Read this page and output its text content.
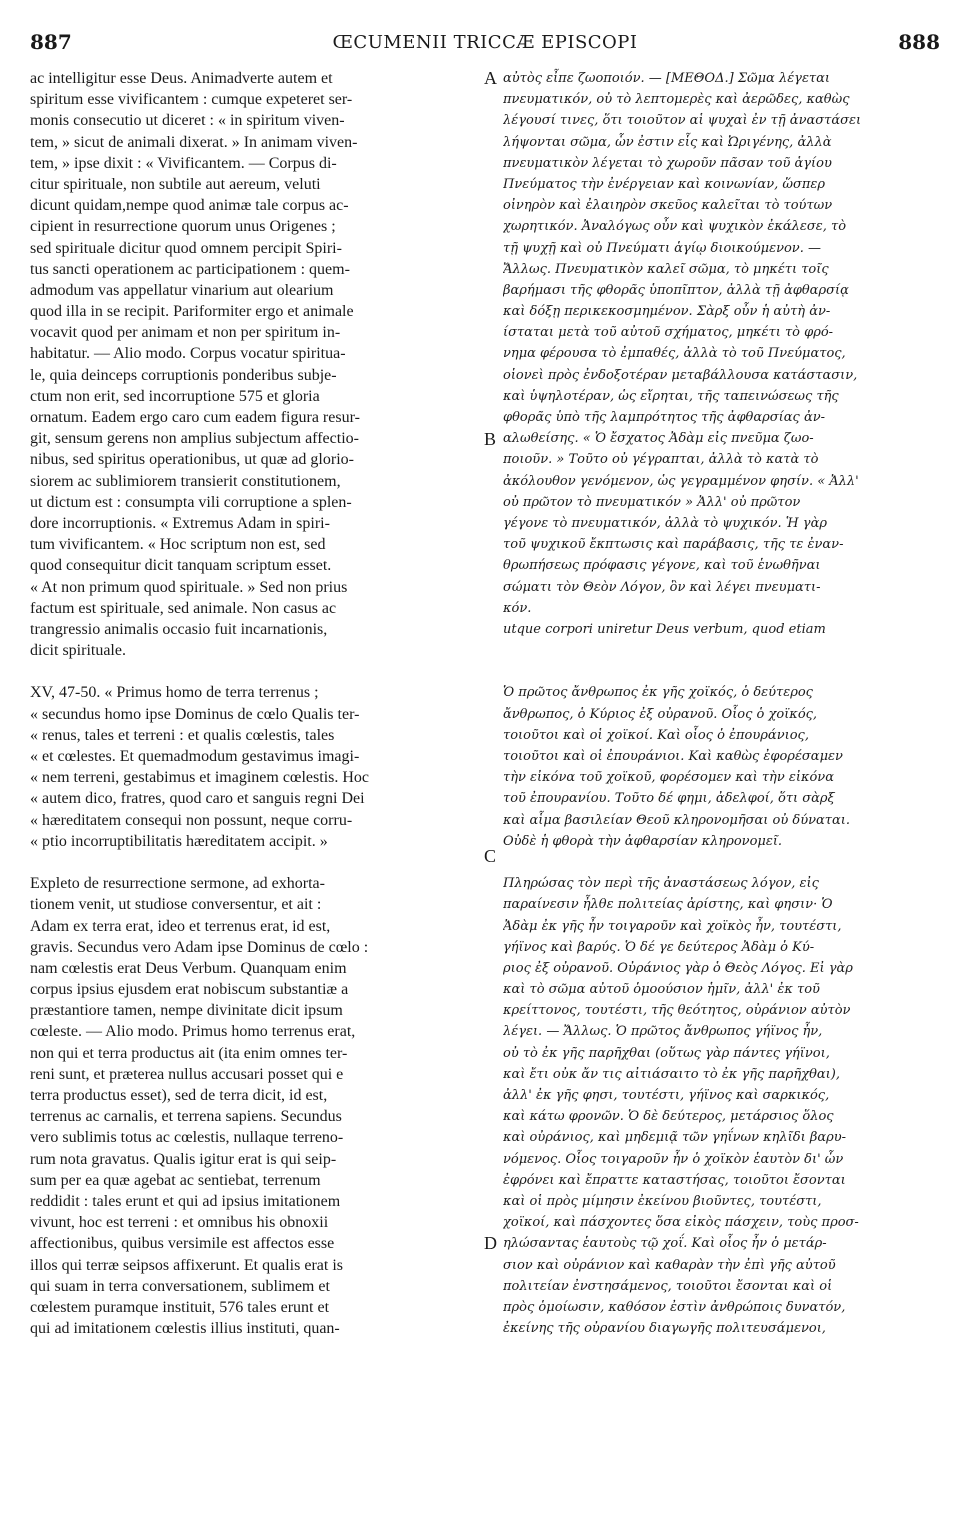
887	ŒCUMENII TRICCÆ EPISCOPI	888
ac intelligitur esse Deus. Animadverte autem et
spiritum esse vivificantem : cumque expeteret ser-
monis consecutio ut diceret : « in spiritum viven-
tem, » sicut de animali dixerat. » In animam viven-
tem, » ipse dixit : « Vivificantem. — Corpus di-
citur spirituale, non subtile aut aereum, veluti
dicunt quidam,nempe quod animæ tale corpus ac-
cipient in resurrectione quorum unus Origenes ;
sed spirituale dicitur quod omnem percipit Spiri-
tus sancti operationem ac participationem : quem-
admodum vas appellatur vinarium aut olearium
quod illa in se recipit. Pariformiter ergo et animale
vocavit quod per animam et non per spiritum in-
habitatur. — Alio modo. Corpus vocatur spiritua-
le, quia deinceps corruptionis ponderibus subje-
ctum non erit, sed incorruptione 575 et gloria
ornatum. Eadem ergo caro cum eadem figura resur-
git, sensum gerens non amplius subjectum affectio-
nibus, sed spiritus operationibus, ut quæ ad glorio-
siorem ac sublimiorem transierit constitutionem,
ut dictum est : consumpta vili corruptione a splen-
dore incorruptionis. « Extremus Adam in spiri-
tum vivificantem. « Hoc scriptum non est, sed
quod consequitur dicit tanquam scriptum esset.
« At non primum quod spirituale. » Sed non prius
factum est spirituale, sed animale. Non casus ac
trangressio animalis occasio fuit incarnationis,
dicit spirituale.
XV, 47-50. « Primus homo de terra terrenus ;
« secundus homo ipse Dominus de cœlo Qualis ter-
« renus, tales et terreni : et qualis cœlestis, tales
« et cœlestes. Et quemadmodum gestavimus imagi-
« nem terreni, gestabimus et imaginem cœlestis. Hoc
« autem dico, fratres, quod caro et sanguis regni Dei
« hæreditatem consequi non possunt, neque corru-
« ptio incorruptibilitatis hæreditatem accipit. »
Expleto de resurrectione sermone, ad exhorta-
tionem venit, ut studiose conversentur, et ait :
Adam ex terra erat, ideo et terrenus erat, id est,
gravis. Secundus vero Adam ipse Dominus de cœlo :
nam cœlestis erat Deus Verbum. Quanquam enim
corpus ipsius ejusdem erat nobiscum substantiæ a
præstantiore tamen, nempe divinitate dicit ipsum
cœleste. — Alio modo. Primus homo terrenus erat,
non qui et terra productus ait (ita enim omnes ter-
reni sunt, et præterea nullus accusari posset qui e
terra productus esset), sed de terra dicit, id est,
terrenus ac carnalis, et terrena sapiens. Secundus
vero sublimis totus ac cœlestis, nullaque terreno-
rum nota gravatus. Qualis igitur erat is qui seip-
sum per ea quæ agebat ac sentiebat, terrenum
reddidit : tales erunt et qui ad ipsius imitationem
vivunt, hoc est terreni : et omnibus his obnoxii
affectionibus, quibus versimile est affectos esse
illos qui terræ seipsos affixerunt. Et qualis erat is
qui suam in terra conversationem, sublimem et
cœlestem puramque instituit, 576 tales erunt et
qui ad imitationem cœlestis illius instituti, quan-
αὐτὸς εἶπε ζωοποιόν. — [ΜΕΘΟΔ.] Σῶμα λέγεται
πνευματικόν, οὐ τὸ λεπτομερὲς καὶ ἀερῶδες, καθὼς
λέγουσί τινες, ὅτι τοιοῦτον αἱ ψυχαὶ ἐν τῇ ἀναστάσει
λήψονται σῶμα, ὧν ἐστιν εἷς καὶ Ὠριγένης, ἀλλὰ
πνευματικὸν λέγεται τὸ χωροῦν πᾶσαν τοῦ ἁγίου
Πνεύματος τὴν ἐνέργειαν καὶ κοινωνίαν, ὥσπερ
οἰνηρὸν καὶ ἐλαιηρὸν σκεῦος καλεῖται τὸ τούτων
χωρητικόν. Ἀναλόγως οὖν καὶ ψυχικὸν ἐκάλεσε, τὸ
τῇ ψυχῇ καὶ οὐ Πνεύματι ἁγίῳ διοικούμενον. —
Ἄλλως. Πνευματικὸν καλεῖ σῶμα, τὸ μηκέτι τοῖς
βαρήμασι τῆς φθορᾶς ὑποπῖπτον, ἀλλὰ τῇ ἀφθαρσίᾳ
καὶ δόξῃ περικεκοσμημένον. Σὰρξ οὖν ἡ αὐτὴ ἀν-
ίσταται μετὰ τοῦ αὐτοῦ σχήματος, μηκέτι τὸ φρό-
νημα φέρουσα τὸ ἐμπαθές, ἀλλὰ τὸ τοῦ Πνεύματος,
οἱονεὶ πρὸς ἐνδοξοτέραν μεταβάλλουσα κατάστασιν,
καὶ ὑψηλοτέραν, ὡς εἴρηται, τῆς ταπεινώσεως τῆς
φθορᾶς ὑπὸ τῆς λαμπρότητος τῆς ἀφθαρσίας ἀν-
αλωθείσης. « Ὁ ἔσχατος Ἀδὰμ εἰς πνεῦμα ζωο-
ποιοῦν. » Τοῦτο οὐ γέγραπται, ἀλλὰ τὸ κατὰ τὸ
ἀκόλουθον γενόμενον, ὡς γεγραμμένον φησίν. « Ἀλλ'
οὐ πρῶτον τὸ πνευματικόν » Ἀλλ' οὐ πρῶτον
γέγονε τὸ πνευματικόν, ἀλλὰ τὸ ψυχικόν. Ἡ γὰρ
τοῦ ψυχικοῦ ἔκπτωσις καὶ παράβασις, τῆς τε ἐναν-
θρωπήσεως πρόφασις γέγονε, καὶ τοῦ ἑνωθῆναι
σώματι τὸν Θεὸν Λόγον, ὃν καὶ λέγει πνευματι-
κόν.
utque corpori uniretur Deus verbum, quod etiam
Ὁ πρῶτος ἄνθρωπος ἐκ γῆς χοϊκός, ὁ δεύτερος
ἄνθρωπος, ὁ Κύριος ἐξ οὐρανοῦ. Οἷος ὁ χοϊκός,
τοιοῦτοι καὶ οἱ χοϊκοί. Καὶ οἷος ὁ ἐπουράνιος,
τοιοῦτοι καὶ οἱ ἐπουράνιοι. Καὶ καθὼς ἐφορέσαμεν
τὴν εἰκόνα τοῦ χοϊκοῦ, φορέσομεν καὶ τὴν εἰκόνα
τοῦ ἐπουρανίου. Τοῦτο δέ φημι, ἀδελφοί, ὅτι σὰρξ
καὶ αἷμα βασιλείαν Θεοῦ κληρονομῆσαι οὐ δύναται.
Οὐδὲ ἡ φθορὰ τὴν ἀφθαρσίαν κληρονομεῖ.
Πληρώσας τὸν περὶ τῆς ἀναστάσεως λόγον, εἰς
παραίνεσιν ἦλθε πολιτείας ἀρίστης, καὶ φησιν· Ὁ
Ἀδὰμ ἐκ γῆς ἦν τοιγαροῦν καὶ χοϊκὸς ἦν, τουτέστι,
γήϊνος καὶ βαρύς. Ὁ δέ γε δεύτερος Ἀδὰμ ὁ Κύ-
ριος ἐξ οὐρανοῦ. Οὐράνιος γὰρ ὁ Θεὸς Λόγος. Εἰ γὰρ
καὶ τὸ σῶμα αὐτοῦ ὁμοούσιον ἡμῖν, ἀλλ' ἐκ τοῦ
κρείττονος, τουτέστι, τῆς θεότητος, οὐράνιον αὐτὸν
λέγει. — Ἄλλως. Ὁ πρῶτος ἄνθρωπος γήϊνος ἦν,
οὐ τὸ ἐκ γῆς παρῆχθαι (οὕτως γὰρ πάντες γήϊνοι,
καὶ ἔτι οὐκ ἄν τις αἰτιάσαιτο τὸ ἐκ γῆς παρῆχθαι),
ἀλλ' ἐκ γῆς φησι, τουτέστι, γήϊνος καὶ σαρκικός,
καὶ κάτω φρονῶν. Ὁ δὲ δεύτερος, μετάρσιος ὅλος
καὶ οὐράνιος, καὶ μηδεμιᾷ τῶν γηΐνων κηλῖδι βαρυ-
νόμενος. Οἷος τοιγαροῦν ἦν ὁ χοϊκὸν ἑαυτὸν δι' ὧν
ἐφρόνει καὶ ἔπραττε καταστήσας, τοιοῦτοι ἔσονται
καὶ οἱ πρὸς μίμησιν ἐκείνου βιοῦντες, τουτέστι,
χοϊκοί, καὶ πάσχοντες ὅσα εἰκὸς πάσχειν, τοὺς προσ-
ηλώσαντας ἑαυτοὺς τῷ χοΐ. Καὶ οἷος ἦν ὁ μετάρ-
σιον καὶ οὐράνιον καὶ καθαρὰν τὴν ἐπὶ γῆς αὐτοῦ
πολιτείαν ἐνστησάμενος, τοιοῦτοι ἔσονται καὶ οἱ
πρὸς ὁμοίωσιν, καθόσον ἐστὶν ἀνθρώποις δυνατόν,
ἐκείνης τῆς οὐρανίου διαγωγῆς πολιτευσάμενοι,
A
B
C
D
